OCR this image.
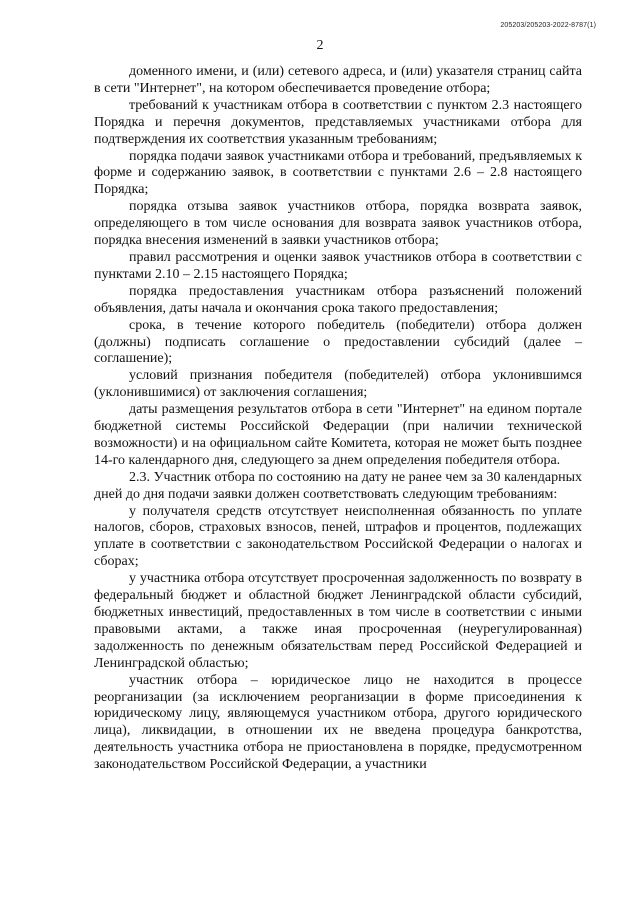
205203/205203-2022-8787(1)
2

доменного имени, и (или) сетевого адреса, и (или) указателя страниц сайта в сети "Интернет", на котором обеспечивается проведение отбора;

требований к участникам отбора в соответствии с пунктом 2.3 настоящего Порядка и перечня документов, представляемых участниками отбора для подтверждения их соответствия указанным требованиям;

порядка подачи заявок участниками отбора и требований, предъявляемых к форме и содержанию заявок, в соответствии с пунктами 2.6 – 2.8 настоящего Порядка;

порядка отзыва заявок участников отбора, порядка возврата заявок, определяющего в том числе основания для возврата заявок участников отбора, порядка внесения изменений в заявки участников отбора;

правил рассмотрения и оценки заявок участников отбора в соответствии с пунктами 2.10 – 2.15 настоящего Порядка;

порядка предоставления участникам отбора разъяснений положений объявления, даты начала и окончания срока такого предоставления;

срока, в течение которого победитель (победители) отбора должен (должны) подписать соглашение о предоставлении субсидий (далее – соглашение);

условий признания победителя (победителей) отбора уклонившимся (уклонившимися) от заключения соглашения;

даты размещения результатов отбора в сети "Интернет" на едином портале бюджетной системы Российской Федерации (при наличии технической возможности) и на официальном сайте Комитета, которая не может быть позднее 14-го календарного дня, следующего за днем определения победителя отбора.

2.3. Участник отбора по состоянию на дату не ранее чем за 30 календарных дней до дня подачи заявки должен соответствовать следующим требованиям:

у получателя средств отсутствует неисполненная обязанность по уплате налогов, сборов, страховых взносов, пеней, штрафов и процентов, подлежащих уплате в соответствии с законодательством Российской Федерации о налогах и сборах;

у участника отбора отсутствует просроченная задолженность по возврату в федеральный бюджет и областной бюджет Ленинградской области субсидий, бюджетных инвестиций, предоставленных в том числе в соответствии с иными правовыми актами, а также иная просроченная (неурегулированная) задолженность по денежным обязательствам перед Российской Федерацией и Ленинградской областью;

участник отбора – юридическое лицо не находится в процессе реорганизации (за исключением реорганизации в форме присоединения к юридическому лицу, являющемуся участником отбора, другого юридического лица), ликвидации, в отношении их не введена процедура банкротства, деятельность участника отбора не приостановлена в порядке, предусмотренном законодательством Российской Федерации, а участники
